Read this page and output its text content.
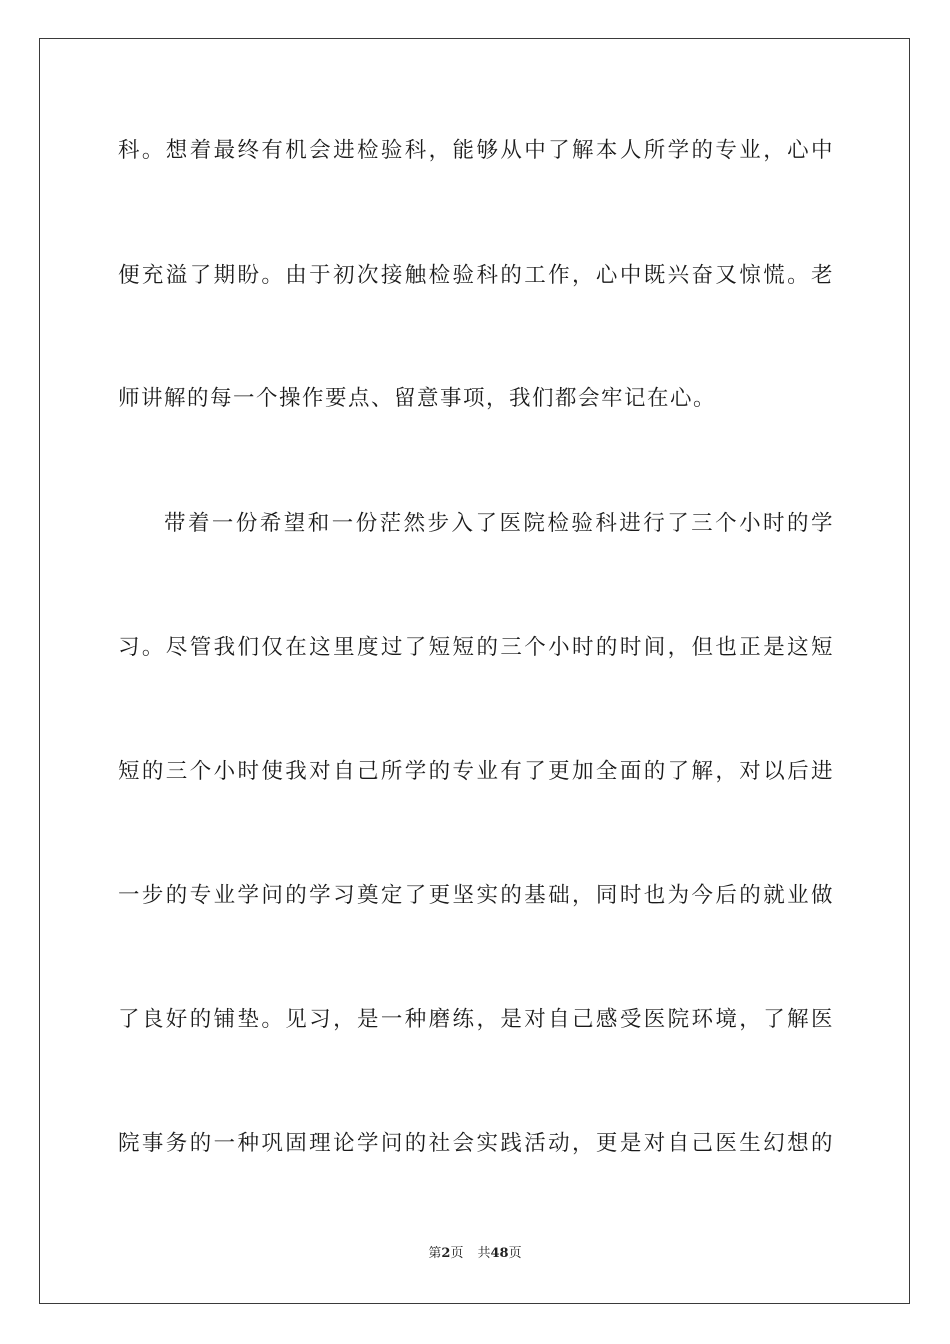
科。想着最终有机会进检验科，能够从中了解本人所学的专业，心中
便充溢了期盼。由于初次接触检验科的工作，心中既兴奋又惊慌。老
师讲解的每一个操作要点、留意事项，我们都会牢记在心。
带着一份希望和一份茫然步入了医院检验科进行了三个小时的学
习。尽管我们仅在这里度过了短短的三个小时的时间，但也正是这短
短的三个小时使我对自己所学的专业有了更加全面的了解，对以后进
一步的专业学问的学习奠定了更坚实的基础，同时也为今后的就业做
了良好的铺垫。见习，是一种磨练，是对自己感受医院环境，了解医
院事务的一种巩固理论学问的社会实践活动，更是对自己医生幻想的
第2页 共48页
